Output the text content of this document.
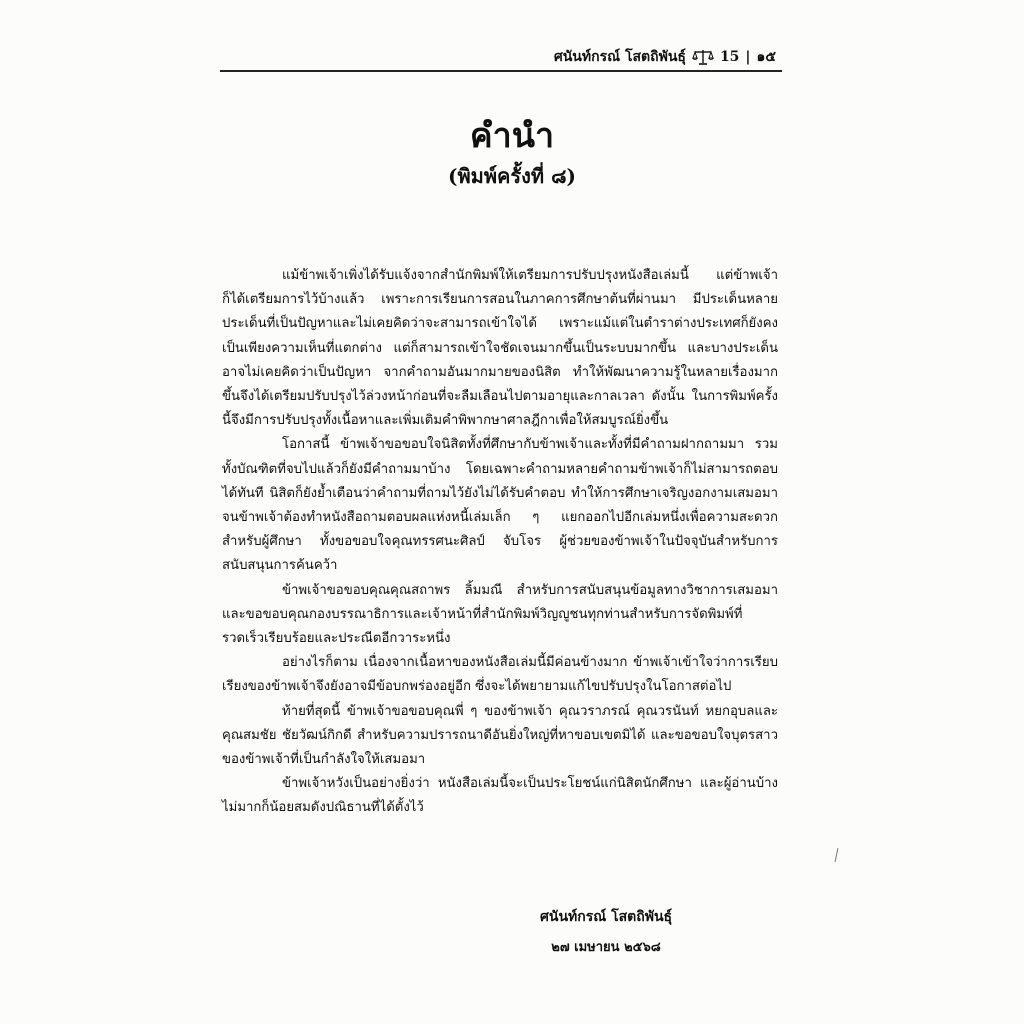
ศนันท์กรณ์ โสตถิพันธุ์ 15 | ๑๕
คำนำ
(พิมพ์ครั้งที่ ๘)

แม้ข้าพเจ้าเพิ่งได้รับแจ้งจากสำนักพิมพ์ให้เตรียมการปรับปรุงหนังสือเล่มนี้ แต่ข้าพเจ้าก็ได้เตรียมการไว้บ้างแล้ว เพราะการเรียนการสอนในภาคการศึกษาต้นที่ผ่านมา มีประเด็นหลายประเด็นที่เป็นปัญหาและไม่เคยคิดว่าจะสามารถเข้าใจได้ เพราะแม้แต่ในตำราต่างประเทศก็ยังคงเป็นเพียงความเห็นที่แตกต่าง แต่ก็สามารถเข้าใจชัดเจนมากขึ้นเป็นระบบมากขึ้น และบางประเด็นอาจไม่เคยคิดว่าเป็นปัญหา จากคำถามอันมากมายของนิสิต ทำให้พัฒนาความรู้ในหลายเรื่องมากขึ้นจึงได้เตรียมปรับปรุงไว้ล่วงหน้าก่อนที่จะลืมเลือนไปตามอายุและกาลเวลา ดังนั้น ในการพิมพ์ครั้งนี้จึงมีการปรับปรุงทั้งเนื้อหาและเพิ่มเติมคำพิพากษาศาลฎีกาเพื่อให้สมบูรณ์ยิ่งขึ้น

โอกาสนี้ ข้าพเจ้าขอขอบใจนิสิตทั้งที่ศึกษากับข้าพเจ้าและทั้งที่มีคำถามฝากถามมา รวมทั้งบัณฑิตที่จบไปแล้วก็ยังมีคำถามมาบ้าง โดยเฉพาะคำถามหลายคำถามข้าพเจ้าก็ไม่สามารถตอบได้ทันที นิสิตก็ยังย้ำเตือนว่าคำถามที่ถามไว้ยังไม่ได้รับคำตอบ ทำให้การศึกษาเจริญงอกงามเสมอมาจนข้าพเจ้าต้องทำหนังสือถามตอบผลแห่งหนี้เล่มเล็ก ๆ แยกออกไปอีกเล่มหนึ่งเพื่อความสะดวกสำหรับผู้ศึกษา ทั้งขอขอบใจคุณทรรศนะศิลป์ จับโจร ผู้ช่วยของข้าพเจ้าในปัจจุบันสำหรับการสนับสนุนการค้นคว้า

ข้าพเจ้าขอขอบคุณคุณสถาพร ลิ้มมณี สำหรับการสนับสนุนข้อมูลทางวิชาการเสมอมาและขอขอบคุณกองบรรณาธิการและเจ้าหน้าที่สำนักพิมพ์วิญญูชนทุกท่านสำหรับการจัดพิมพ์ที่รวดเร็วเรียบร้อยและประณีตอีกวาระหนึ่ง

อย่างไรก็ตาม เนื่องจากเนื้อหาของหนังสือเล่มนี้มีค่อนข้างมาก ข้าพเจ้าเข้าใจว่าการเรียบเรียงของข้าพเจ้าจึงยังอาจมีข้อบกพร่องอยู่อีก ซึ่งจะได้พยายามแก้ไขปรับปรุงในโอกาสต่อไป

ท้ายที่สุดนี้ ข้าพเจ้าขอขอบคุณพี่ ๆ ของข้าพเจ้า คุณวราภรณ์ คุณวรนันท์ หยกอุบลและคุณสมชัย ชัยวัฒน์กิกดี สำหรับความปรารถนาดีอันยิ่งใหญ่ที่หาขอบเขตมิได้ และขอขอบใจบุตรสาวของข้าพเจ้าที่เป็นกำลังใจให้เสมอมา

ข้าพเจ้าหวังเป็นอย่างยิ่งว่า หนังสือเล่มนี้จะเป็นประโยชน์แก่นิสิตนักศึกษา และผู้อ่านบ้างไม่มากก็น้อยสมดังปณิธานที่ได้ตั้งไว้

ศนันท์กรณ์ โสตถิพันธุ์
๒๗ เมษายน ๒๕๖๘
